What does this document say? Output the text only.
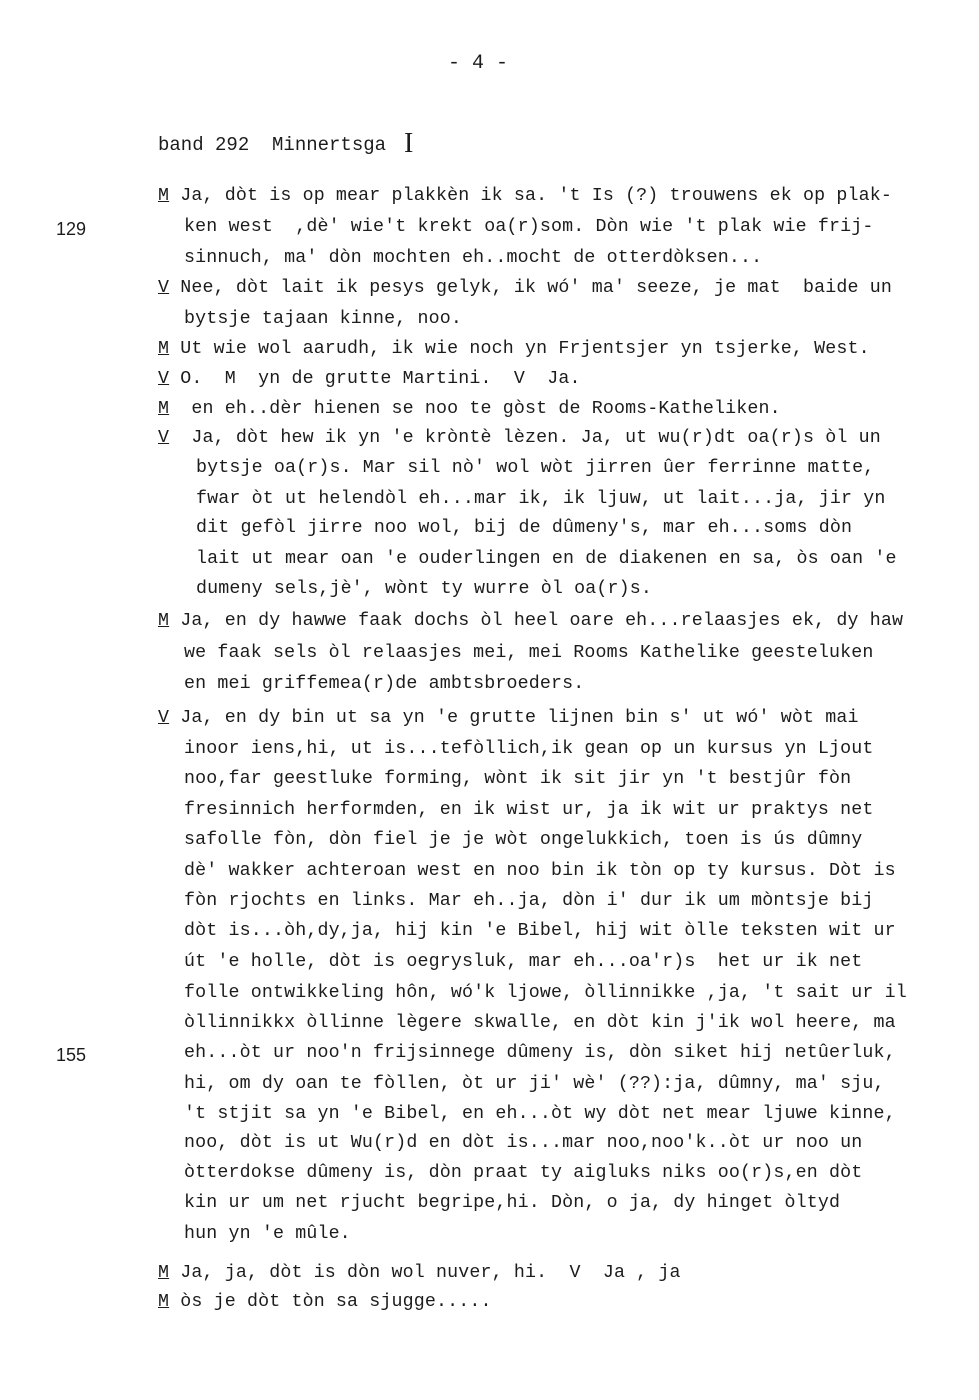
- 4 -
band 292  Minnertsga I
129
155
M Ja, dòt is op mear plakkèn ik sa. 't Is (?) trouwens ek op plak-
ken west  ,dè' wie't krekt oa(r)som. Dòn wie 't plak wie frij-
sinnuch, ma' dòn mochten eh..mocht de otterdòksen...
V Nee, dòt lait ik pesys gelyk, ik wó' ma' seeze, je mat  baide un
bytsje tajaan kinne, noo.
M Ut wie wol aarudh, ik wie noch yn Frjentsjer yn tsjerke, West.
V O.  M  yn de grutte Martini.  V  Ja.
M  en eh..dèr hienen se noo te gòst de Rooms-Katheliken.
V  Ja, dòt hew ik yn 'e kròntè lèzen. Ja, ut wu(r)dt oa(r)s òl un
bytsje oa(r)s. Mar sil nò' wol wòt jirren ûer ferrinne matte,
fwar òt ut helendòl eh...mar ik, ik ljuw, ut lait...ja, jir yn
dit gefòl jirre noo wol, bij de dûmeny's, mar eh...soms dòn
lait ut mear oan 'e ouderlingen en de diakenen en sa, òs oan 'e
dumeny sels,jè', wònt ty wurre òl oa(r)s.
M Ja, en dy hawwe faak dochs òl heel oare eh...relaasjes ek, dy haw
we faak sels òl relaasjes mei, mei Rooms Kathelike geesteluken
en mei griffemea(r)de ambtsbroeders.
V Ja, en dy bin ut sa yn 'e grutte lijnen bin s' ut wó' wòt mai
inoor iens,hi, ut is...tefòllich,ik gean op un kursus yn Ljout
noo,far geestluke forming, wònt ik sit jir yn 't bestjûr fòn
fresinnich herformden, en ik wist ur, ja ik wit ur praktys net
safolle fòn, dòn fiel je je wòt ongelukkich, toen is ús dûmny
dè' wakker achteroan west en noo bin ik tòn op ty kursus. Dòt is
fòn rjochts en links. Mar eh..ja, dòn i' dur ik um mòntsje bij
dòt is...òh,dy,ja, hij kin 'e Bibel, hij wit òlle teksten wit ur
út 'e holle, dòt is oegrysluk, mar eh...oa'r)s  het ur ik net
folle ontwikkeling hôn, wó'k ljowe, òllinnikke ,ja, 't sait ur il
òllinnikkx òllinne lègere skwalle, en dòt kin j'ik wol heere, ma
eh...òt ur noo'n frijsinnege dûmeny is, dòn siket hij netûerluk,
hi, om dy oan te fòllen, òt ur ji' wè' (??):ja, dûmny, ma' sju,
't stjit sa yn 'e Bibel, en eh...òt wy dòt net mear ljuwe kinne,
noo, dòt is ut Wu(r)d en dòt is...mar noo,noo'k..òt ur noo un
òtterdokse dûmeny is, dòn praat ty aigluks niks oo(r)s,en dòt
kin ur um net rjucht begripe,hi. Dòn, o ja, dy hinget òltyd
hun yn 'e mûle.
M Ja, ja, dòt is dòn wol nuver, hi.  V  Ja , ja
M òs je dòt tòn sa sjugge.....
